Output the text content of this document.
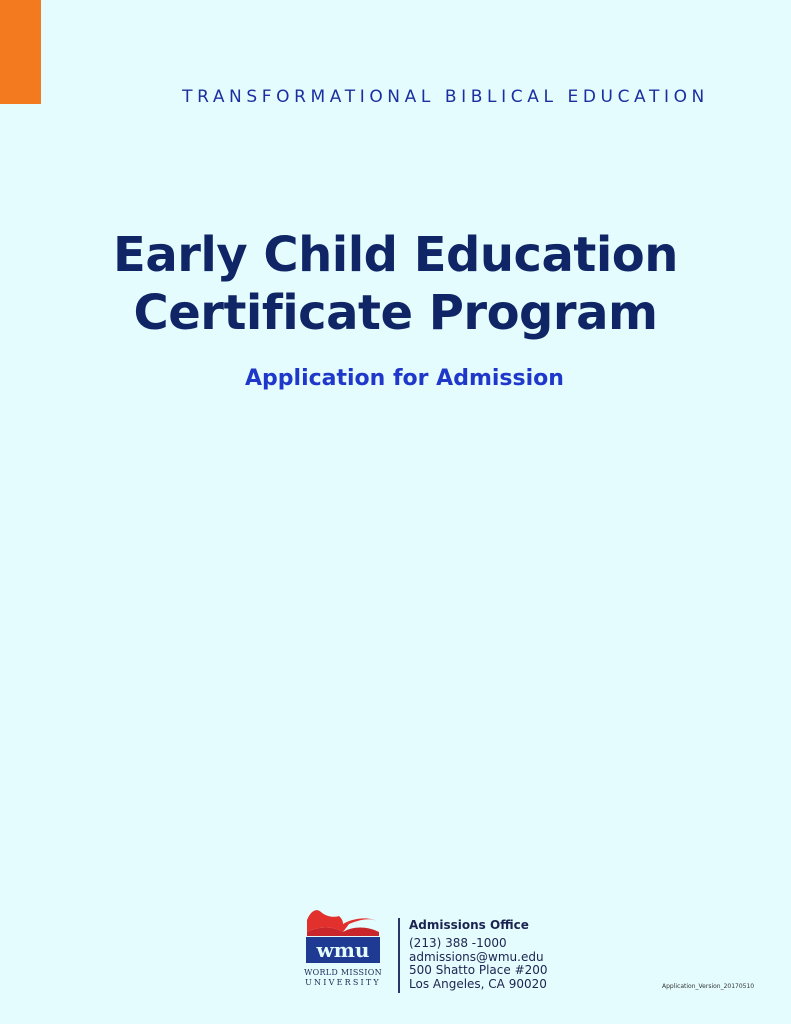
TRANSFORMATIONAL BIBLICAL EDUCATION
Early Child Education
Certificate Program
Application for Admission
wmu
WORLD MISSION
UNIVERSITY
Admissions Office
(213) 388 -1000
admissions@wmu.edu
500 Shatto Place #200
Los Angeles, CA 90020	Application_Version_20170510
